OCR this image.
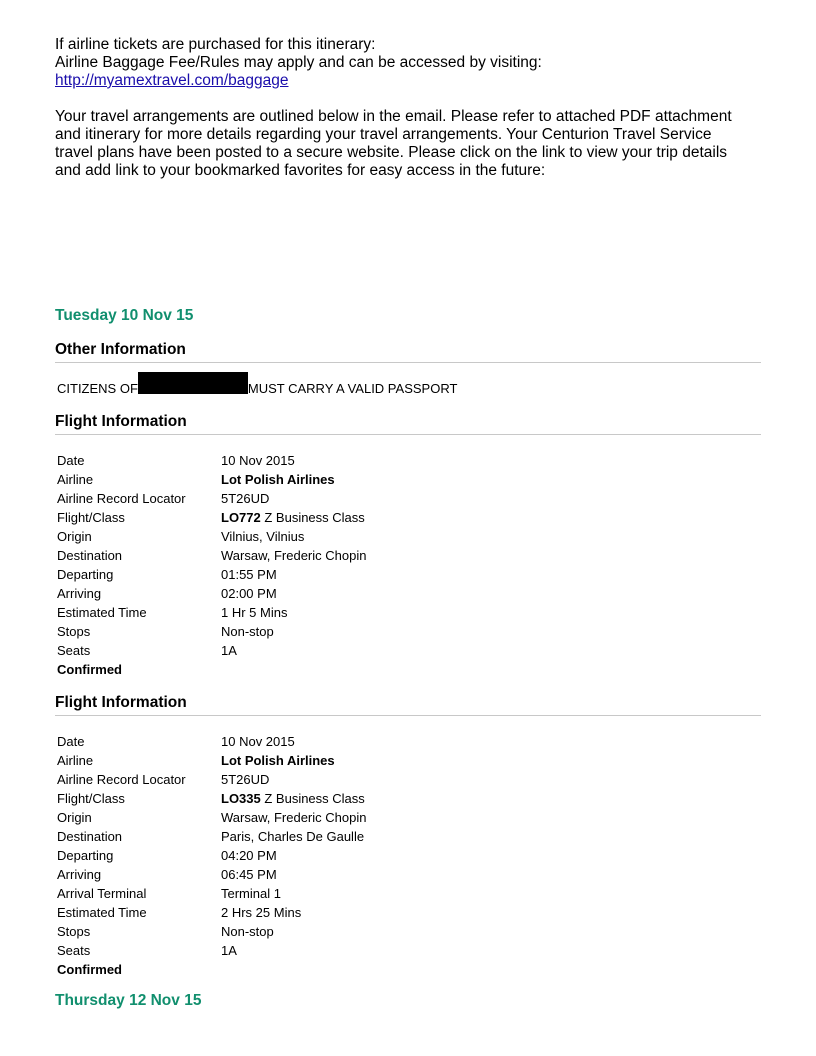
If airline tickets are purchased for this itinerary:

Airline Baggage Fee/Rules may apply and can be accessed by visiting:

http://myamextravel.com/baggage

Your travel arrangements are outlined below in the email. Please refer to attached PDF attachment

and itinerary for more details regarding your travel arrangements. Your Centurion Travel Service

travel plans have been posted to a secure website. Please click on the link to view your trip details

and add link to your bookmarked favorites for easy access in the future:

Tuesday 10 Nov 15
Other Information
CITIZENS OF	MUST CARRY A VALID PASSPORT
Flight Information
Date	10 Nov 2015
Airline	Lot Polish Airlines
Airline Record Locator	5T26UD
Flight/Class	LO772 Z Business Class
Origin	Vilnius, Vilnius
Destination	Warsaw, Frederic Chopin
Departing	01:55 PM
Arriving	02:00 PM
Estimated Time	1 Hr 5 Mins
Stops	Non-stop
Seats	1A
Confirmed	
Flight Information
Date	10 Nov 2015
Airline	Lot Polish Airlines
Airline Record Locator	5T26UD
Flight/Class	LO335 Z Business Class
Origin	Warsaw, Frederic Chopin
Destination	Paris, Charles De Gaulle
Departing	04:20 PM
Arriving	06:45 PM
Arrival Terminal	Terminal 1
Estimated Time	2 Hrs 25 Mins
Stops	Non-stop
Seats	1A
Confirmed	
Thursday 12 Nov 15
